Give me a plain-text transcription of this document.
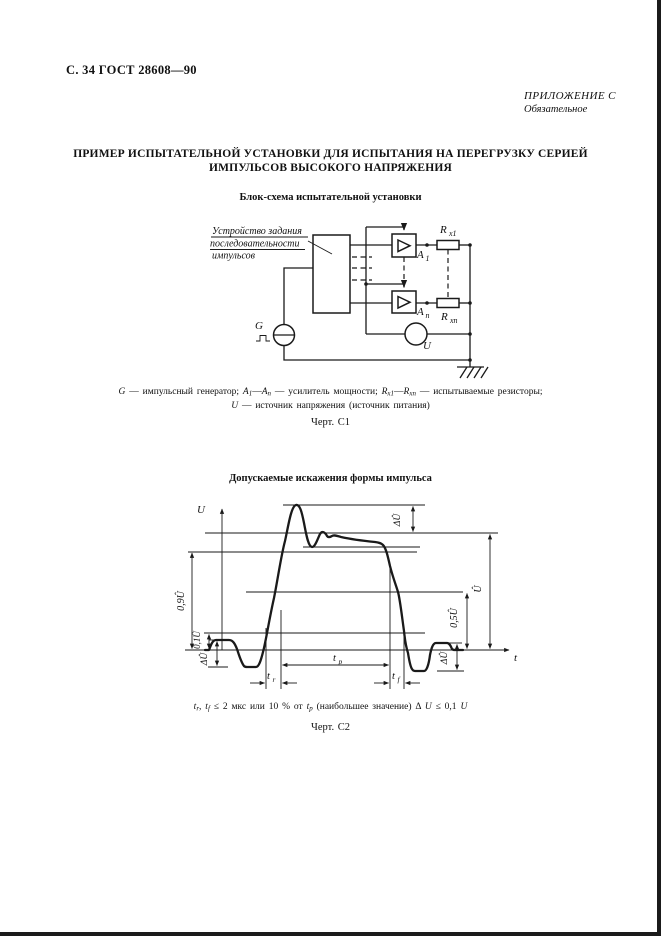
С. 34 ГОСТ 28608—90
ПРИЛОЖЕНИЕ С
Обязательное
ПРИМЕР ИСПЫТАТЕЛЬНОЙ УСТАНОВКИ ДЛЯ ИСПЫТАНИЯ НА ПЕРЕГРУЗКУ СЕРИЕЙ
ИМПУЛЬСОВ ВЫСОКОГО НАПРЯЖЕНИЯ
Блок-схема испытательной установки
Устройство задания
последовательности
импульсов
G
A 1
A n
R x1
R xn
U
G — импульсный генератор; A1—An — усилитель мощности; Rx1—Rxn — испытываемые резисторы;
U — источник напряжения (источник питания)
Черт. С1
Допускаемые искажения формы импульса
U
t
0,9Û
0,1Û
ΔÛ
ΔÛ
Û
0,5Û
ΔÛ
t p
t r	t f
tr, tf ≤ 2 мкс или 10 % от tp (наибольшее значение) Δ U ≤ 0,1 U
Черт. С2
